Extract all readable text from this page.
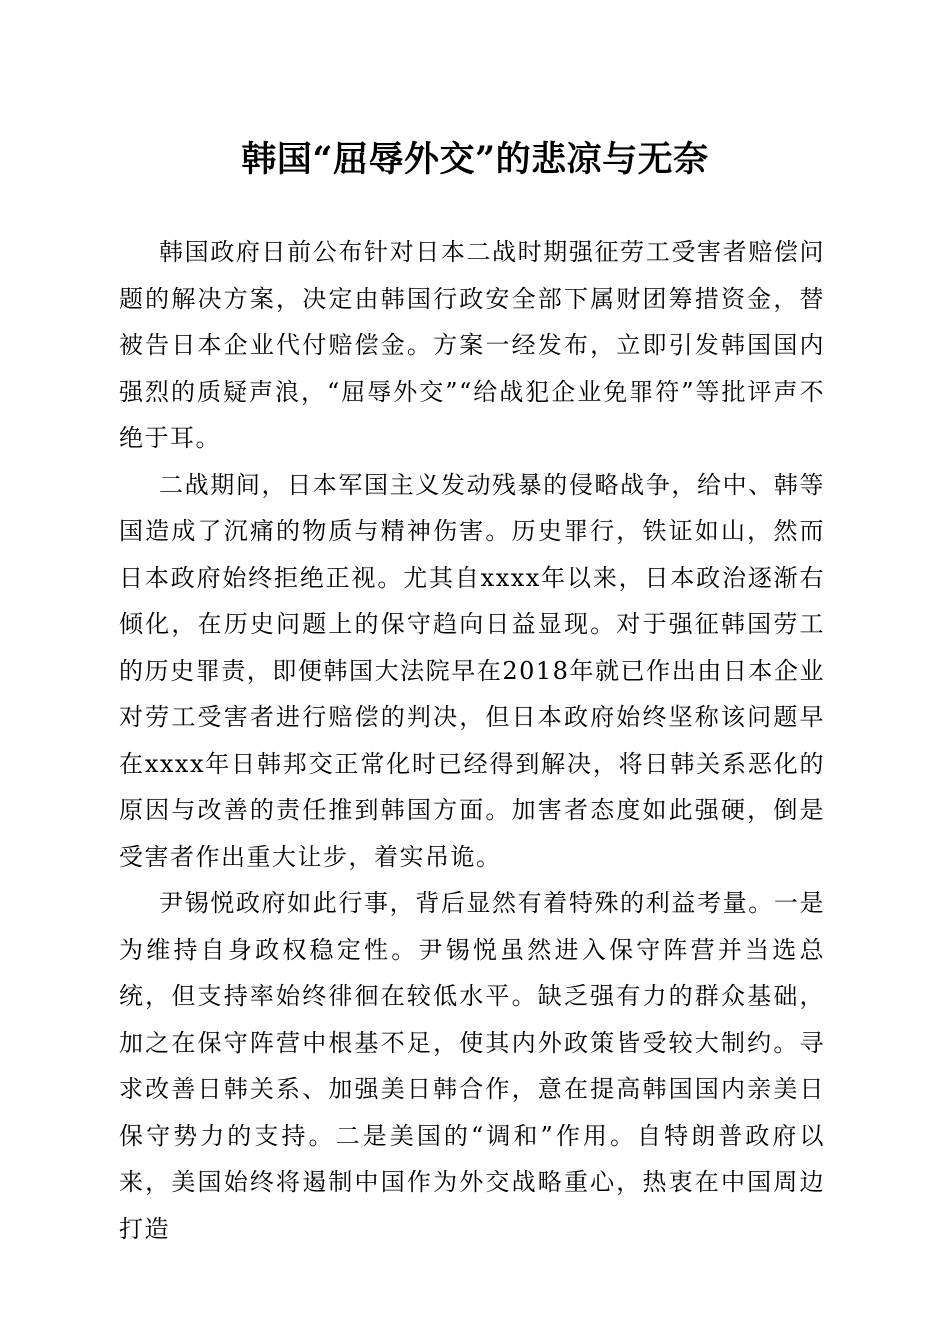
韩国“屈辱外交”的悲凉与无奈

韩国政府日前公布针对日本二战时期强征劳工受害者赔偿问题的解决方案，决定由韩国行政安全部下属财团筹措资金，替被告日本企业代付赔偿金。方案一经发布，立即引发韩国国内强烈的质疑声浪，“屈辱外交”“给战犯企业免罪符”等批评声不绝于耳。

二战期间，日本军国主义发动残暴的侵略战争，给中、韩等国造成了沉痛的物质与精神伤害。历史罪行，铁证如山，然而日本政府始终拒绝正视。尤其自xxxx年以来，日本政治逐渐右倾化，在历史问题上的保守趋向日益显现。对于强征韩国劳工的历史罪责，即便韩国大法院早在2018年就已作出由日本企业对劳工受害者进行赔偿的判决，但日本政府始终坚称该问题早在xxxx年日韩邦交正常化时已经得到解决，将日韩关系恶化的原因与改善的责任推到韩国方面。加害者态度如此强硬，倒是受害者作出重大让步，着实吊诡。

尹锡悦政府如此行事，背后显然有着特殊的利益考量。一是为维持自身政权稳定性。尹锡悦虽然进入保守阵营并当选总统，但支持率始终徘徊在较低水平。缺乏强有力的群众基础，加之在保守阵营中根基不足，使其内外政策皆受较大制约。寻求改善日韩关系、加强美日韩合作，意在提高韩国国内亲美日保守势力的支持。二是美国的“调和”作用。自特朗普政府以来，美国始终将遏制中国作为外交战略重心，热衷在中国周边打造
